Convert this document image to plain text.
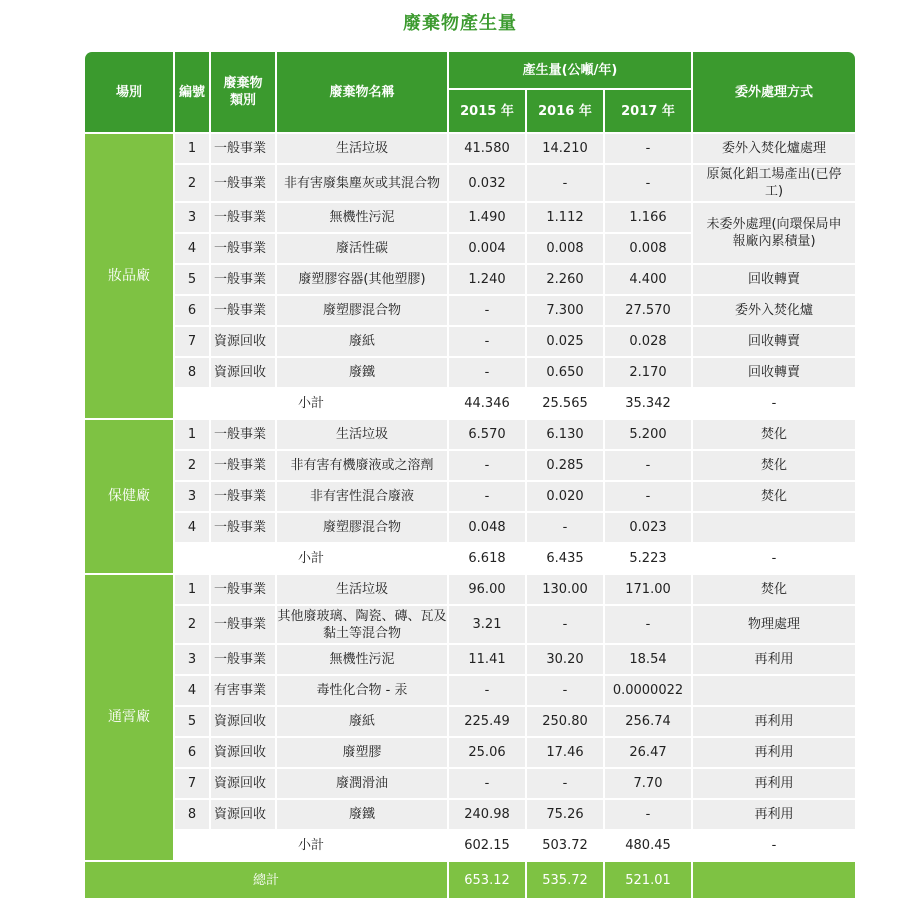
廢棄物產生量
場別	編號	廢棄物類別	廢棄物名稱	產生量(公噸/年)			委外處理方式
				2015 年	2016 年	2017 年	
妝品廠	1	一般事業	生活垃圾	41.580	14.210	-	委外入焚化爐處理
	2	一般事業	非有害廢集塵灰或其混合物	0.032	-	-	原氮化鋁工場產出(已停工)
	3	一般事業	無機性污泥	1.490	1.112	1.166	未委外處理(向環保局申報廠內累積量)
	4	一般事業	廢活性碳	0.004	0.008	0.008	
	5	一般事業	廢塑膠容器(其他塑膠)	1.240	2.260	4.400	回收轉賣
	6	一般事業	廢塑膠混合物	-	7.300	27.570	委外入焚化爐
	7	資源回收	廢紙	-	0.025	0.028	回收轉賣
	8	資源回收	廢鐵	-	0.650	2.170	回收轉賣
	小計			44.346	25.565	35.342	-
保健廠	1	一般事業	生活垃圾	6.570	6.130	5.200	焚化
	2	一般事業	非有害有機廢液或之溶劑	-	0.285	-	焚化
	3	一般事業	非有害性混合廢液	-	0.020	-	焚化
	4	一般事業	廢塑膠混合物	0.048	-	0.023	
	小計			6.618	6.435	5.223	-
通霄廠	1	一般事業	生活垃圾	96.00	130.00	171.00	焚化
	2	一般事業	其他廢玻璃、陶瓷、磚、瓦及黏土等混合物	3.21	-	-	物理處理
	3	一般事業	無機性污泥	11.41	30.20	18.54	再利用
	4	有害事業	毒性化合物 - 汞	-	-	0.0000022	
	5	資源回收	廢紙	225.49	250.80	256.74	再利用
	6	資源回收	廢塑膠	25.06	17.46	26.47	再利用
	7	資源回收	廢潤滑油	-	-	7.70	再利用
	8	資源回收	廢鐵	240.98	75.26	-	再利用
	小計			602.15	503.72	480.45	-
總計				653.12	535.72	521.01	
